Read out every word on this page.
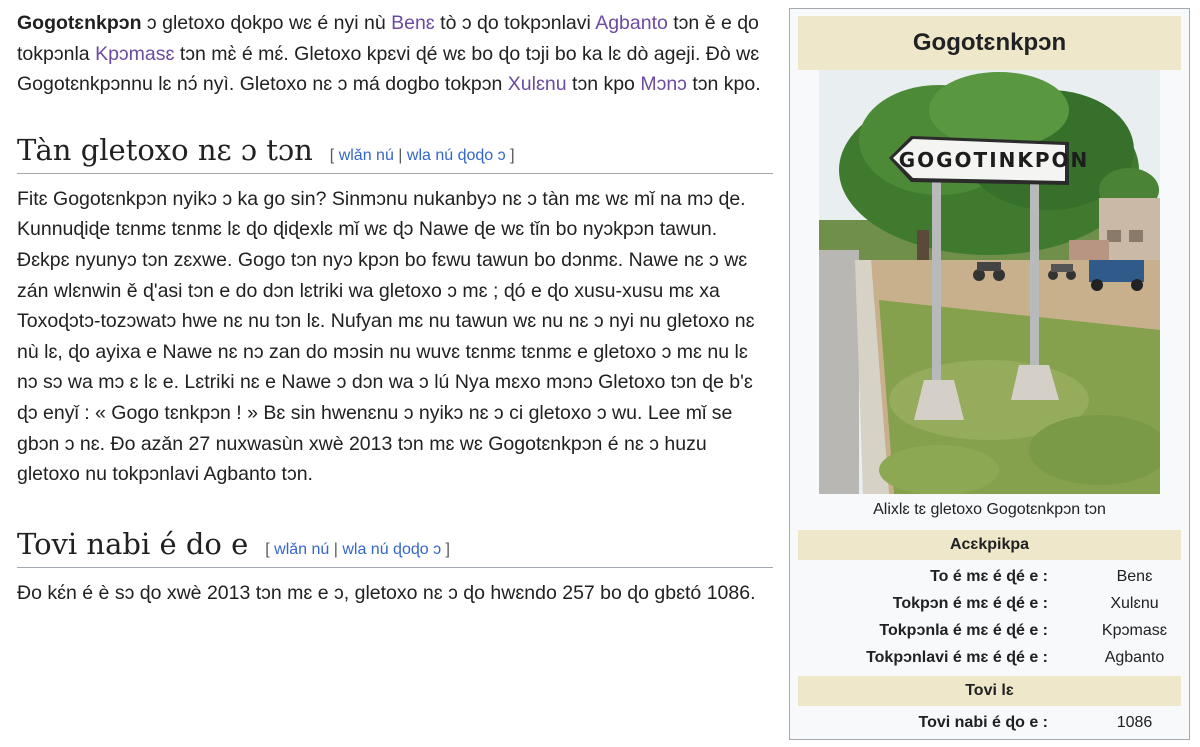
Gogotɛnkpɔn ɔ gletoxo ɖokpo wɛ é nyi nù Benɛ tò ɔ ɖo tokpɔnlavi Agbanto tɔn ě e ɖo tokpɔnla Kpɔmasɛ tɔn mɛ̀ é mɛ́. Gletoxo kpɛvi ɖé wɛ bo ɖo tɔji bo ka lɛ dò ageji. Ðò wɛ Gogotɛnkpɔnnu lɛ nɔ́ nyì. Gletoxo nɛ ɔ má dogbo tokpɔn Xulɛnu tɔn kpo Mɔnɔ tɔn kpo.

Tàn gletoxo nɛ ɔ tɔn [ wlǎn nú | wla nú ɖoɖo ɔ ]

Fitɛ Gogotɛnkpɔn nyikɔ ɔ ka go sin? Sinmɔnu nukanbyɔ nɛ ɔ tàn mɛ wɛ mǐ na mɔ ɖe. Kunnuɖiɖe tɛnmɛ tɛnmɛ lɛ ɖo ɖiɖexlɛ mǐ wɛ ɖɔ Nawe ɖe wɛ tǐn bo nyɔkpɔn tawun. Ðɛkpɛ nyunyɔ tɔn zɛxwe. Gogo tɔn nyɔ kpɔn bo fɛwu tawun bo dɔnmɛ. Nawe nɛ ɔ wɛ zán wlɛnwin ě ɖ'asi tɔn e do dɔn lɛtriki wa gletoxo ɔ mɛ ; ɖó e ɖo xusu-xusu mɛ xa Toxoɖɔtɔ-tozɔwatɔ hwe nɛ nu tɔn lɛ. Nufyan mɛ nu tawun wɛ nu nɛ ɔ nyi nu gletoxo nɛ nù lɛ, ɖo ayixa e Nawe nɛ nɔ zan do mɔsin nu wuvɛ tɛnmɛ tɛnmɛ e gletoxo ɔ mɛ nu lɛ nɔ sɔ wa mɔ ɛ lɛ e. Lɛtriki nɛ e Nawe ɔ dɔn wa ɔ lú Nya mɛxo mɔnɔ Gletoxo tɔn ɖe b'ɛ ɖɔ enyǐ : « Gogo tɛnkpɔn ! » Bɛ sin hwenɛnu ɔ nyikɔ nɛ ɔ ci gletoxo ɔ wu. Lee mǐ se gbɔn ɔ nɛ. Ðo azǎn 27 nuxwasùn xwè 2013 tɔn mɛ wɛ Gogotɛnkpɔn é nɛ ɔ huzu gletoxo nu tokpɔnlavi Agbanto tɔn.

Tovi nabi é do e [ wlǎn nú | wla nú ɖoɖo ɔ ]

Ðo kɛ́n é è sɔ ɖo xwè 2013 tɔn mɛ e ɔ, gletoxo nɛ ɔ ɖo hwɛndo 257 bo ɖo gbɛtó 1086.

Gogotɛnkpɔn
GOGOTINKPON
Alixlɛ tɛ gletoxo Gogotɛnkpɔn tɔn
Acɛkpikpa
To é mɛ é ɖé e :	Benɛ
Tokpɔn é mɛ é ɖé e :	Xulɛnu
Tokpɔnla é mɛ é ɖé e :	Kpɔmasɛ
Tokpɔnlavi é mɛ é ɖé e :	Agbanto
Tovi lɛ
Tovi nabi é ɖo e :	1086
